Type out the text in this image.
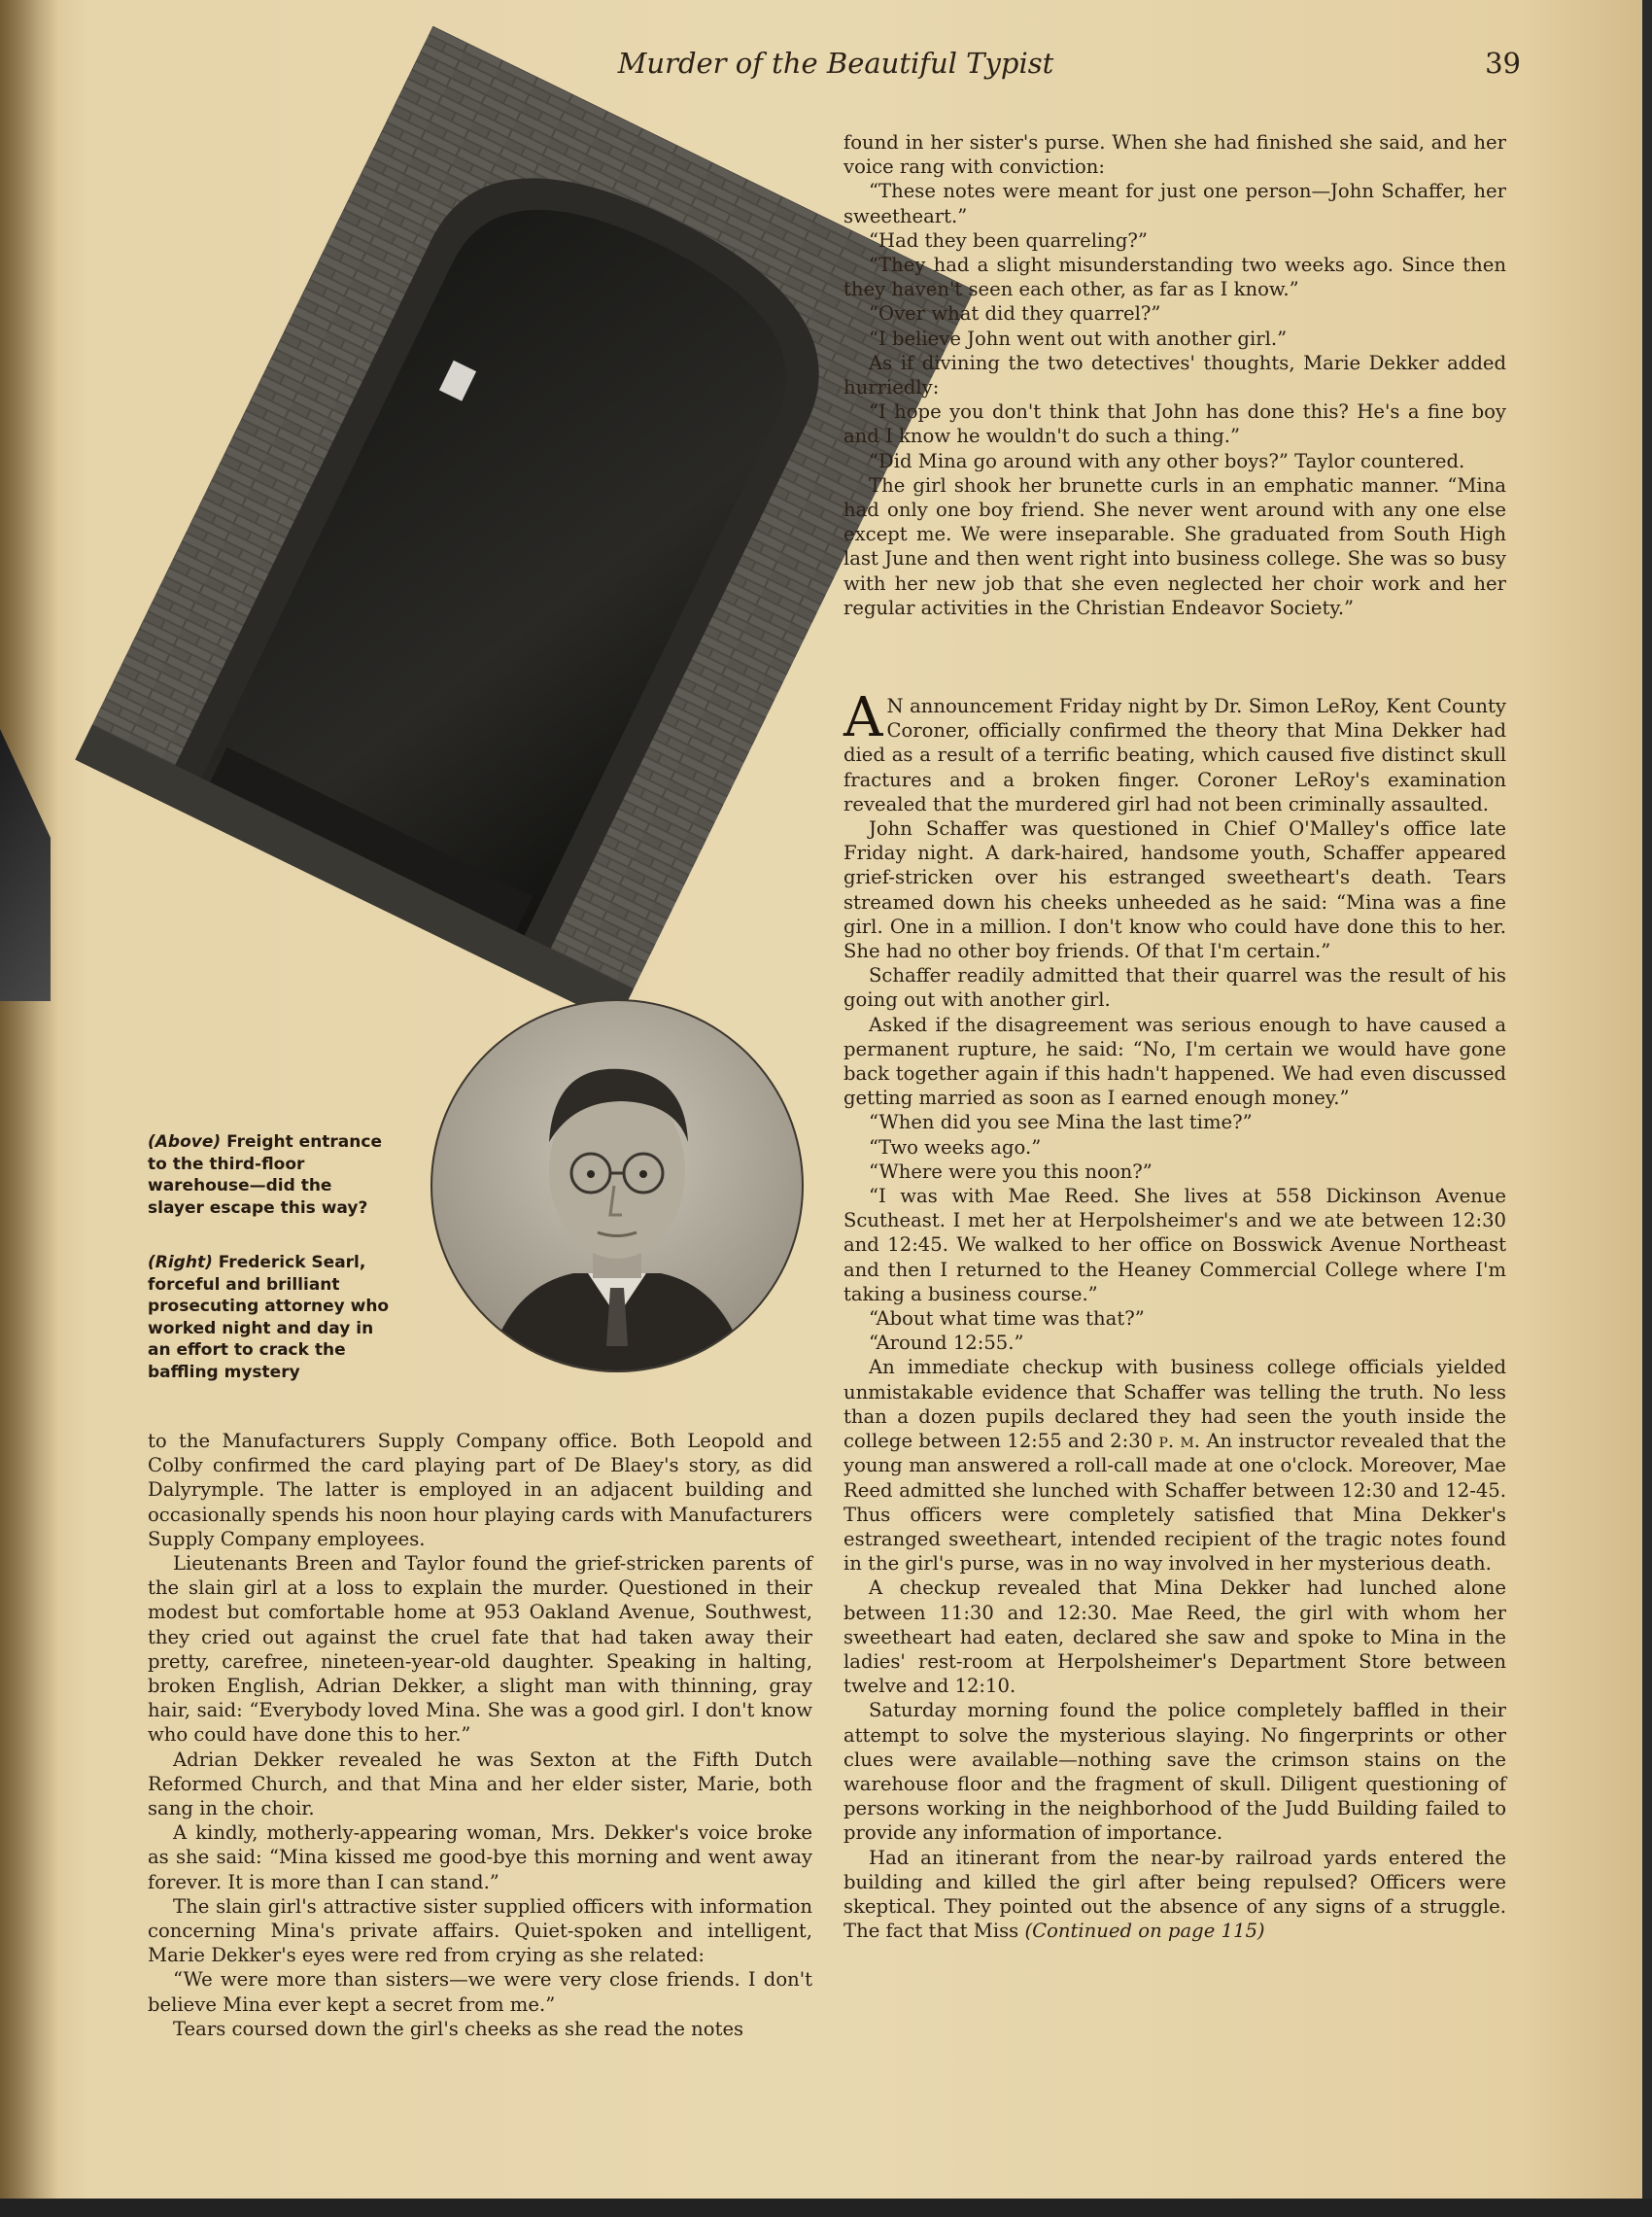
Murder of the Beautiful Typist	39

(Above) Freight entrance to the third-floor warehouse—did the slayer escape this way?

(Right) Frederick Searl, forceful and brilliant prosecuting attorney who worked night and day in an effort to crack the baffling mystery

to the Manufacturers Supply Company office. Both Leopold and Colby confirmed the card playing part of De Blaey's story, as did Dalyrymple. The latter is employed in an adjacent building and occasionally spends his noon hour playing cards with Manufacturers Supply Company employees.

Lieutenants Breen and Taylor found the grief-stricken parents of the slain girl at a loss to explain the murder. Questioned in their modest but comfortable home at 953 Oakland Avenue, Southwest, they cried out against the cruel fate that had taken away their pretty, carefree, nineteen-year-old daughter. Speaking in halting, broken English, Adrian Dekker, a slight man with thinning, gray hair, said: “Everybody loved Mina. She was a good girl. I don't know who could have done this to her.”

Adrian Dekker revealed he was Sexton at the Fifth Dutch Reformed Church, and that Mina and her elder sister, Marie, both sang in the choir.

A kindly, motherly-appearing woman, Mrs. Dekker's voice broke as she said: “Mina kissed me good-bye this morning and went away forever. It is more than I can stand.”

The slain girl's attractive sister supplied officers with information concerning Mina's private affairs. Quiet-spoken and intelligent, Marie Dekker's eyes were red from crying as she related:

“We were more than sisters—we were very close friends. I don't believe Mina ever kept a secret from me.”

Tears coursed down the girl's cheeks as she read the notes

found in her sister's purse. When she had finished she said, and her voice rang with conviction:

“These notes were meant for just one person—John Schaffer, her sweetheart.”

“Had they been quarreling?”

“They had a slight misunderstanding two weeks ago. Since then they haven't seen each other, as far as I know.”

“Over what did they quarrel?”

“I believe John went out with another girl.”

As if divining the two detectives' thoughts, Marie Dekker added hurriedly:

“I hope you don't think that John has done this? He's a fine boy and I know he wouldn't do such a thing.”

“Did Mina go around with any other boys?” Taylor countered.

The girl shook her brunette curls in an emphatic manner. “Mina had only one boy friend. She never went around with any one else except me. We were inseparable. She graduated from South High last June and then went right into business college. She was so busy with her new job that she even neglected her choir work and her regular activities in the Christian Endeavor Society.”

A N announcement Friday night by Dr. Simon LeRoy, Kent County Coroner, officially confirmed the theory that Mina Dekker had died as a result of a terrific beating, which caused five distinct skull fractures and a broken finger. Coroner LeRoy's examination revealed that the murdered girl had not been criminally assaulted.

John Schaffer was questioned in Chief O'Malley's office late Friday night. A dark-haired, handsome youth, Schaffer appeared grief-stricken over his estranged sweetheart's death. Tears streamed down his cheeks unheeded as he said: “Mina was a fine girl. One in a million. I don't know who could have done this to her. She had no other boy friends. Of that I'm certain.”

Schaffer readily admitted that their quarrel was the result of his going out with another girl.

Asked if the disagreement was serious enough to have caused a permanent rupture, he said: “No, I'm certain we would have gone back together again if this hadn't happened. We had even discussed getting married as soon as I earned enough money.”

“When did you see Mina the last time?”

“Two weeks ago.”

“Where were you this noon?”

“I was with Mae Reed. She lives at 558 Dickinson Avenue Scutheast. I met her at Herpolsheimer's and we ate between 12:30 and 12:45. We walked to her office on Bosswick Avenue Northeast and then I returned to the Heaney Commercial College where I'm taking a business course.”

“About what time was that?”

“Around 12:55.”

An immediate checkup with business college officials yielded unmistakable evidence that Schaffer was telling the truth. No less than a dozen pupils declared they had seen the youth inside the college between 12:55 and 2:30 p. m. An instructor revealed that the young man answered a roll-call made at one o'clock. Moreover, Mae Reed admitted she lunched with Schaffer between 12:30 and 12-45. Thus officers were completely satisfied that Mina Dekker's estranged sweetheart, intended recipient of the tragic notes found in the girl's purse, was in no way involved in her mysterious death.

A checkup revealed that Mina Dekker had lunched alone between 11:30 and 12:30. Mae Reed, the girl with whom her sweetheart had eaten, declared she saw and spoke to Mina in the ladies' rest-room at Herpolsheimer's Department Store between twelve and 12:10.

Saturday morning found the police completely baffled in their attempt to solve the mysterious slaying. No fingerprints or other clues were available—nothing save the crimson stains on the warehouse floor and the fragment of skull. Diligent questioning of persons working in the neighborhood of the Judd Building failed to provide any information of importance.

Had an itinerant from the near-by railroad yards entered the building and killed the girl after being repulsed? Officers were skeptical. They pointed out the absence of any signs of a struggle. The fact that Miss (Continued on page 115)
